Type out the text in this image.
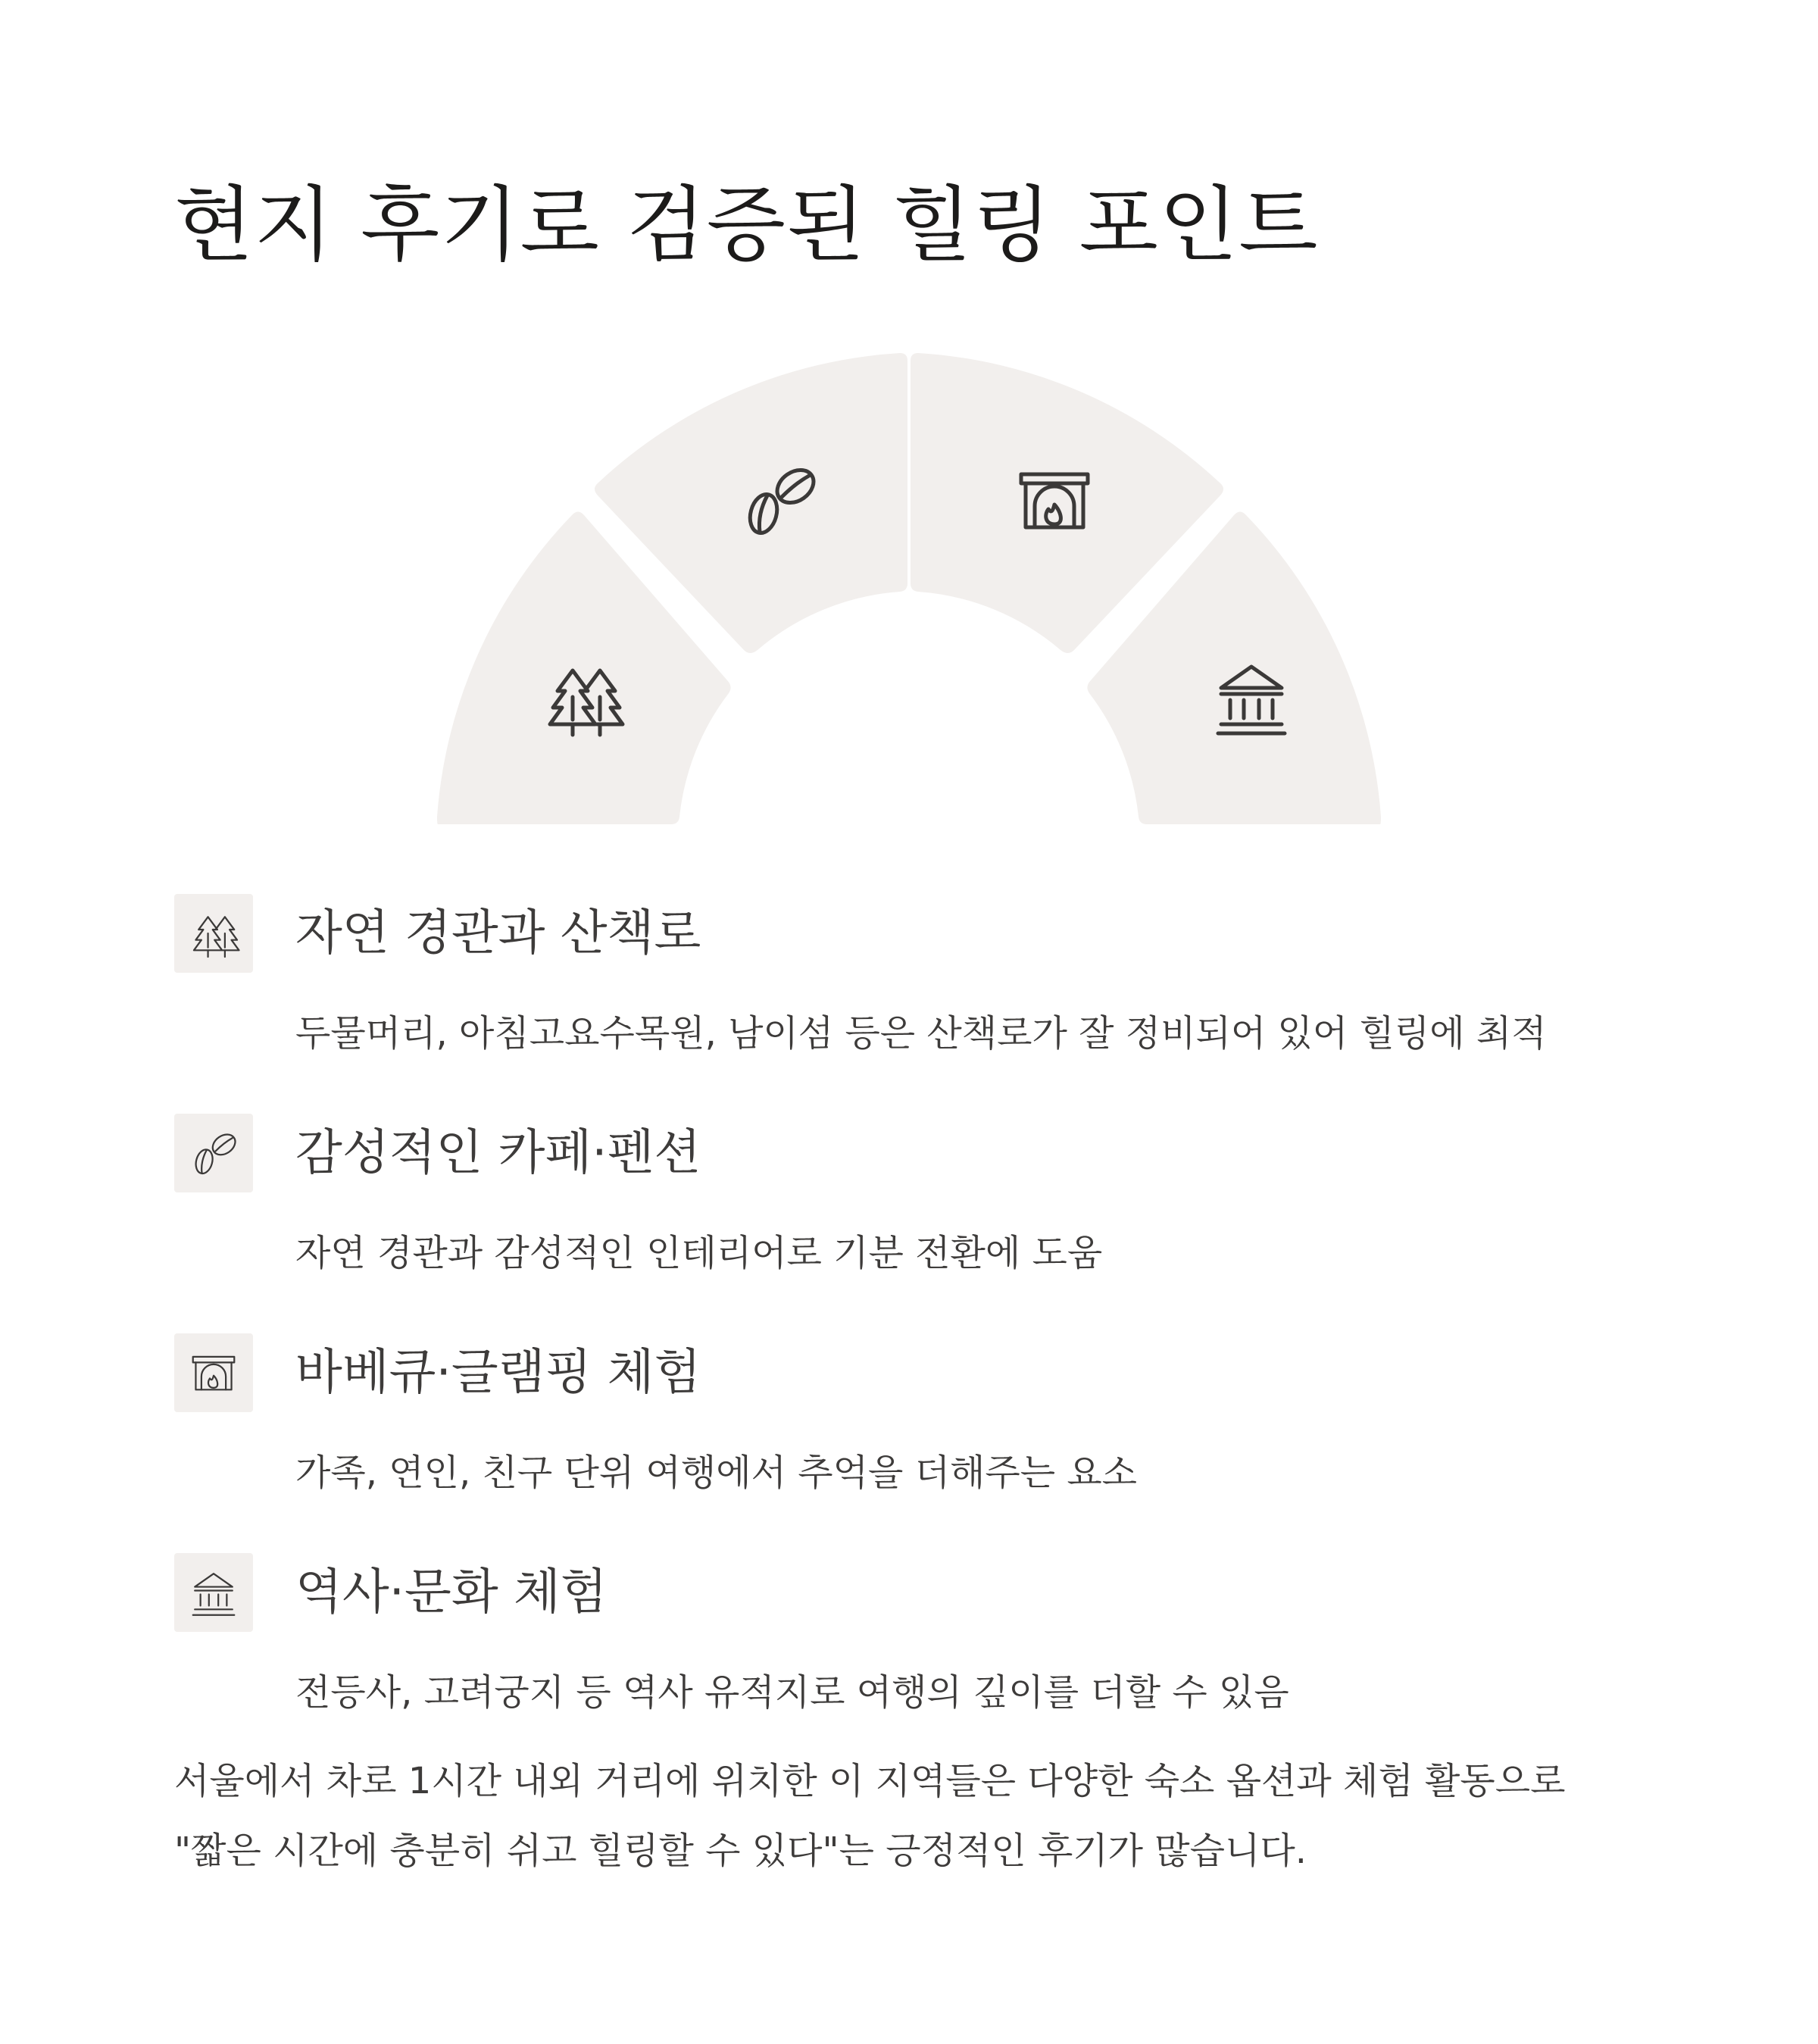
현지 후기로 검증된 힐링 포인트
자연 경관과 산책로
두물머리, 아침고요수목원, 남이섬 등은 산책로가 잘 정비되어 있어 힐링에 최적
감성적인 카페·펜션
자연 경관과 감성적인 인테리어로 기분 전환에 도움
바베큐·글램핑 체험
가족, 연인, 친구 단위 여행에서 추억을 더해주는 요소
역사·문화 체험
전등사, 고려궁지 등 역사 유적지로 여행의 깊이를 더할 수 있음

서울에서 차로 1시간 내외 거리에 위치한 이 지역들은 다양한 숙소 옵션과 체험 활동으로
"짧은 시간에 충분히 쉬고 힐링할 수 있다"는 긍정적인 후기가 많습니다.
